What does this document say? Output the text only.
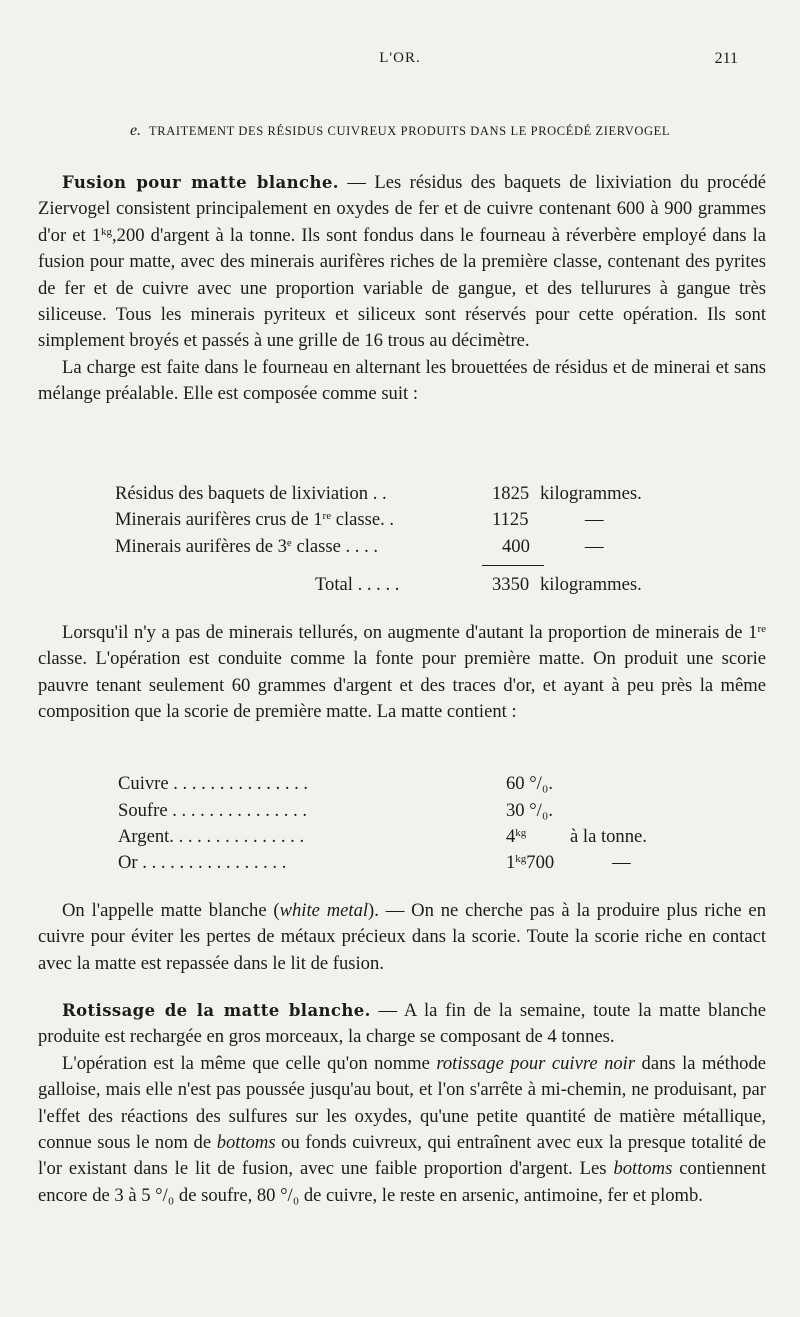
L'OR.	211
e. TRAITEMENT DES RÉSIDUS CUIVREUX PRODUITS DANS LE PROCÉDÉ ZIERVOGEL

Fusion pour matte blanche. — Les résidus des baquets de lixiviation du procédé Ziervogel consistent principalement en oxydes de fer et de cuivre contenant 600 à 900 grammes d'or et $1^{kg},200$ d'argent à la tonne. Ils sont fondus dans le fourneau à réverbère employé dans la fusion pour matte, avec des minerais aurifères riches de la première classe, contenant des pyrites de fer et de cuivre avec une proportion variable de gangue, et des tellurures à gangue très siliceuse. Tous les minerais pyriteux et siliceux sont réservés pour cette opération. Ils sont simplement broyés et passés à une grille de 16 trous au décimètre.

La charge est faite dans le fourneau en alternant les brouettées de résidus et de minerai et sans mélange préalable. Elle est composée comme suit :

Résidus des baquets de lixiviation . .	1825 kilogrammes.
Minerais aurifères crus de 1re classe. .	1125	—
Minerais aurifères de 3e classe . . . .	400	—
Total . . . . .	3350 kilogrammes.

Lorsqu'il n'y a pas de minerais tellurés, on augmente d'autant la proportion de minerais de 1re classe. L'opération est conduite comme la fonte pour première matte. On produit une scorie pauvre tenant seulement 60 grammes d'argent et des traces d'or, et ayant à peu près la même composition que la scorie de première matte. La matte contient :

Cuivre . . . . . . . . . . . . . . .	60 °/₀.
Soufre . . . . . . . . . . . . . . .	30 °/₀.
Argent. . . . . . . . . . . . . . .	$4^{kg}$ à la tonne.
Or . . . . . . . . . . . . . . . .	$1^{kg}700$	—

On l'appelle matte blanche (white metal). — On ne cherche pas à la produire plus riche en cuivre pour éviter les pertes de métaux précieux dans la scorie. Toute la scorie riche en contact avec la matte est repassée dans le lit de fusion.

Rotissage de la matte blanche. — A la fin de la semaine, toute la matte blanche produite est rechargée en gros morceaux, la charge se composant de 4 tonnes.

L'opération est la même que celle qu'on nomme rotissage pour cuivre noir dans la méthode galloise, mais elle n'est pas poussée jusqu'au bout, et l'on s'arrête à mi-chemin, ne produisant, par l'effet des réactions des sulfures sur les oxydes, qu'une petite quantité de matière métallique, connue sous le nom de bottoms ou fonds cuivreux, qui entraînent avec eux la presque totalité de l'or existant dans le lit de fusion, avec une faible proportion d'argent. Les bottoms contiennent encore de 3 à 5 °/₀ de soufre, 80 °/₀ de cuivre, le reste en arsenic, antimoine, fer et plomb.
